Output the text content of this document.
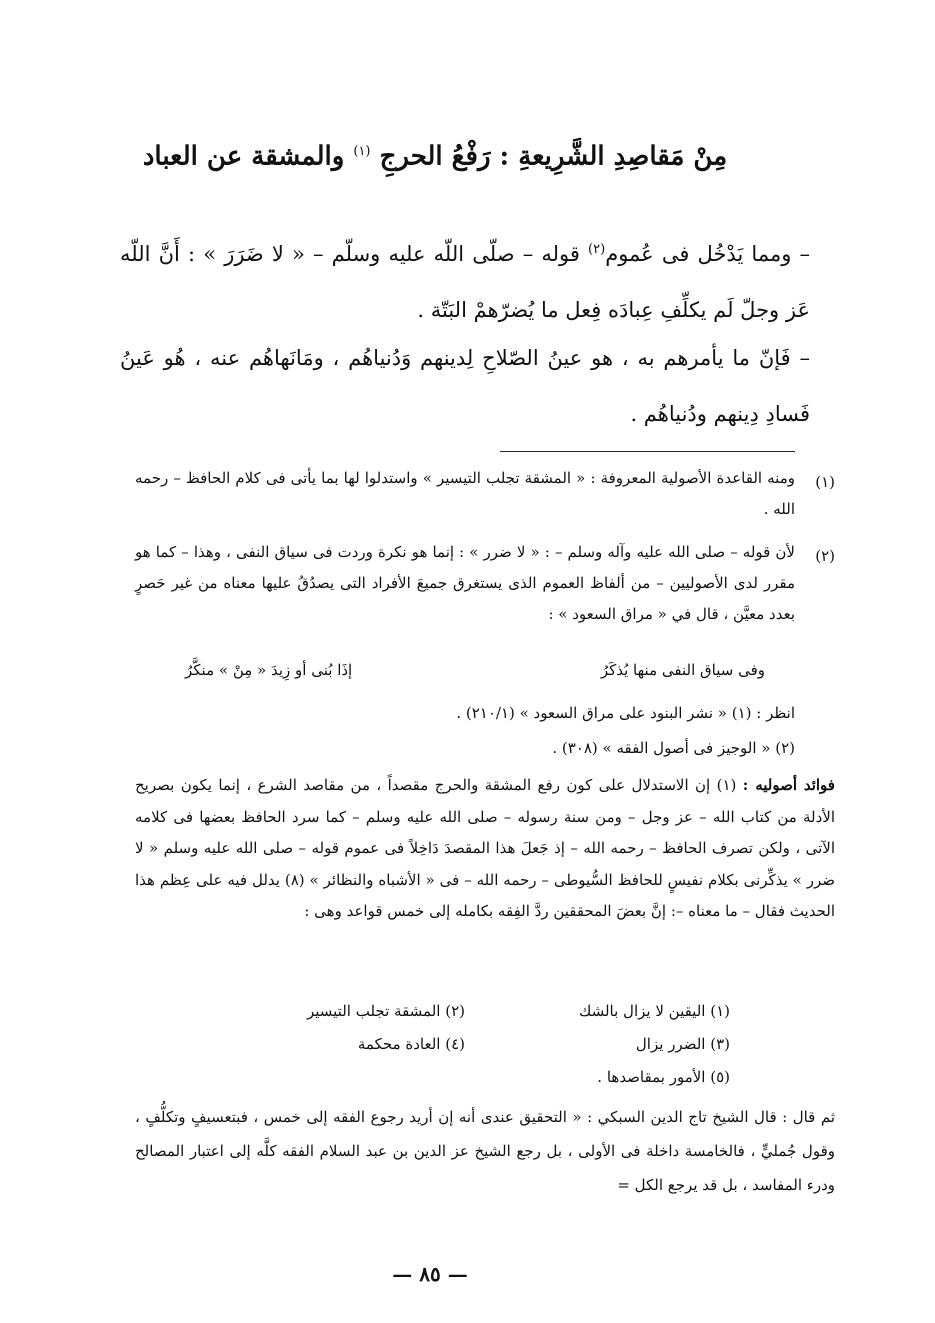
مِنْ مَقاصِدِ الشَّرِيعةِ : رَفْعُ الحرجِ $^{(١)}$ والمشقة عن العباد
– ومما يَدْخُل فى عُموم$^{(٢)}$ قوله – صلّى اللّه عليه وسلّم – « لا ضَرَرَ » : أَنَّ اللّه عَز وجلّ لَم يكلِّفِ عِبادَه فِعل ما يُضرّهمْ البَتّة .
– فَإنّ ما يأمرهم به ، هو عينُ الصّلاحِ لِدينهم وَدُنياهُم ، ومَانَهاهُم عنه ، هُو عَينُ فَسادِ دِينهم ودُنياهُم .
(١)
ومنه القاعدة الأصولية المعروفة : « المشقة تجلب التيسير » واستدلوا لها بما يأتى فى كلام الحافظ – رحمه الله .
(٢)
لأن قوله – صلى الله عليه وآله وسلم – : « لا ضرر » : إنما هو نكرة وردت فى سياق النفى ، وهذا – كما هو مقرر لدى الأصوليين – من ألفاظ العموم الذى يستغرق جميعَ الأفراد التى يصدُقُ عليها معناه من غير حَصرٍ بعدد معيَّن ، قال في « مراق السعود » :
وفى سياق النفى منها يُذكَرُ
إذَا بُنى أو زِيدَ « مِنْ » منكَّرُ
انظر : (١) « نشر البنود على مراق السعود » (٢١٠/١) .
(٢) « الوجيز فى أصول الفقه » (٣٠٨) .
فوائد أصوليه : (١) إن الاستدلال على كون رفع المشقة والحرج مقصداً ، من مقاصد الشرع ، إنما يكون بصريح الأدلة من كتاب الله – عز وجل – ومن سنة رسوله – صلى الله عليه وسلم – كما سرد الحافظ بعضها فى كلامه الآتى ، ولكن تصرف الحافظ – رحمه الله – إذ جَعلَ هذا المقصدَ دَاخِلاً فى عموم قوله – صلى الله عليه وسلم « لا ضرر » يذكِّرنى بكلام نفيسٍ للحافظ السُّيوطى – رحمه الله – فى « الأشباه والنظائر » (٨) يدلل فيه على عِظم هذا الحديث فقال – ما معناه –: إنَّ بعضَ المحققين ردَّ الفِقه بكامله إلى خمس قواعد وهى :
(١) اليقين لا يزال بالشك
(٢) المشقة تجلب التيسير
(٣) الضرر يزال
(٤) العادة محكمة
(٥) الأمور بمقاصدها .
ثم قال : قال الشيخ تاج الدين السبكي : « التحقيق عندى أنه إن أريد رجوع الفقه إلى خمس ، فبتعسيفٍ وتكلُّفٍ ، وقول جُمليٍّ ، فالخامسة داخلة فى الأولى ، بل رجع الشيخ عز الدين بن عبد السلام الفقه كلَّه إلى اعتبار المصالح ودرء المفاسد ، بل قد يرجع الكل =
— ٨٥ —
